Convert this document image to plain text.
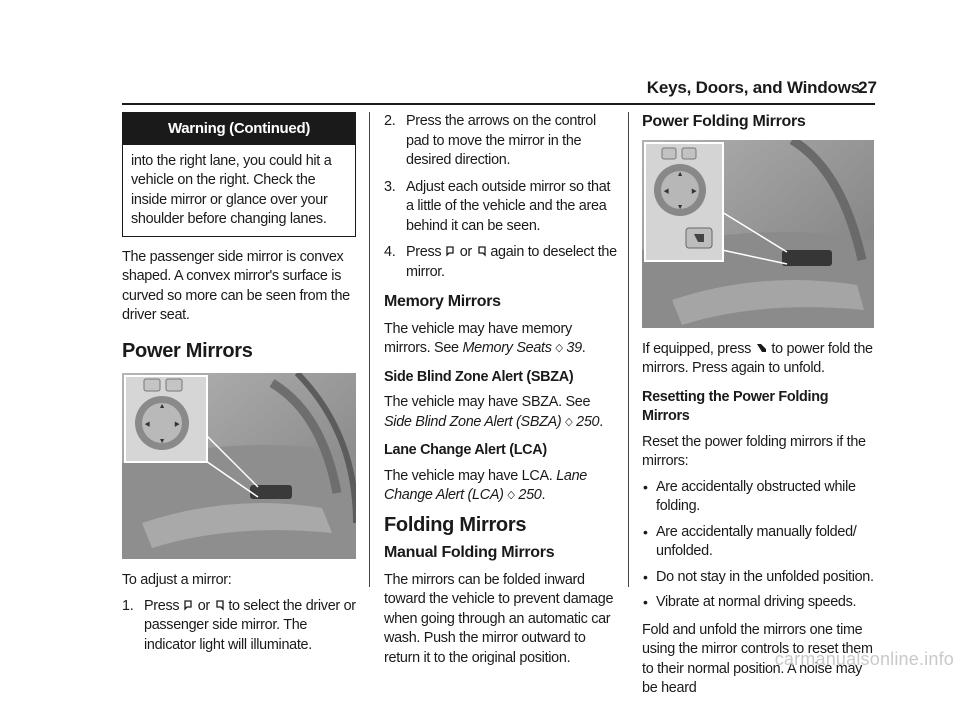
Keys, Doors, and Windows
27
Warning (Continued)
into the right lane, you could hit a vehicle on the right. Check the inside mirror or glance over your shoulder before changing lanes.

The passenger side mirror is convex shaped. A convex mirror's surface is curved so more can be seen from the driver seat.

Power Mirrors
▲
▼
◀	▶

To adjust a mirror:

1. Press or to select the driver or passenger side mirror. The indicator light will illuminate.
2. Press the arrows on the control pad to move the mirror in the desired direction.
3. Adjust each outside mirror so that a little of the vehicle and the area behind it can be seen.
4. Press or again to deselect the mirror.
Memory Mirrors

The vehicle may have memory mirrors. See Memory Seats ◇ 39.

Side Blind Zone Alert (SBZA)

The vehicle may have SBZA. See Side Blind Zone Alert (SBZA) ◇ 250.

Lane Change Alert (LCA)

The vehicle may have LCA. Lane Change Alert (LCA) ◇ 250.

Folding Mirrors
Manual Folding Mirrors

The mirrors can be folded inward toward the vehicle to prevent damage when going through an automatic car wash. Push the mirror outward to return it to the original position.

Power Folding Mirrors
▲
▼
◀	▶

If equipped, press to power fold the mirrors. Press again to unfold.

Resetting the Power Folding Mirrors

Reset the power folding mirrors if the mirrors:

• Are accidentally obstructed while folding.
• Are accidentally manually folded/ unfolded.
• Do not stay in the unfolded position.
• Vibrate at normal driving speeds.

Fold and unfold the mirrors one time using the mirror controls to reset them to their normal position. A noise may be heard

carmanualsonline.info
